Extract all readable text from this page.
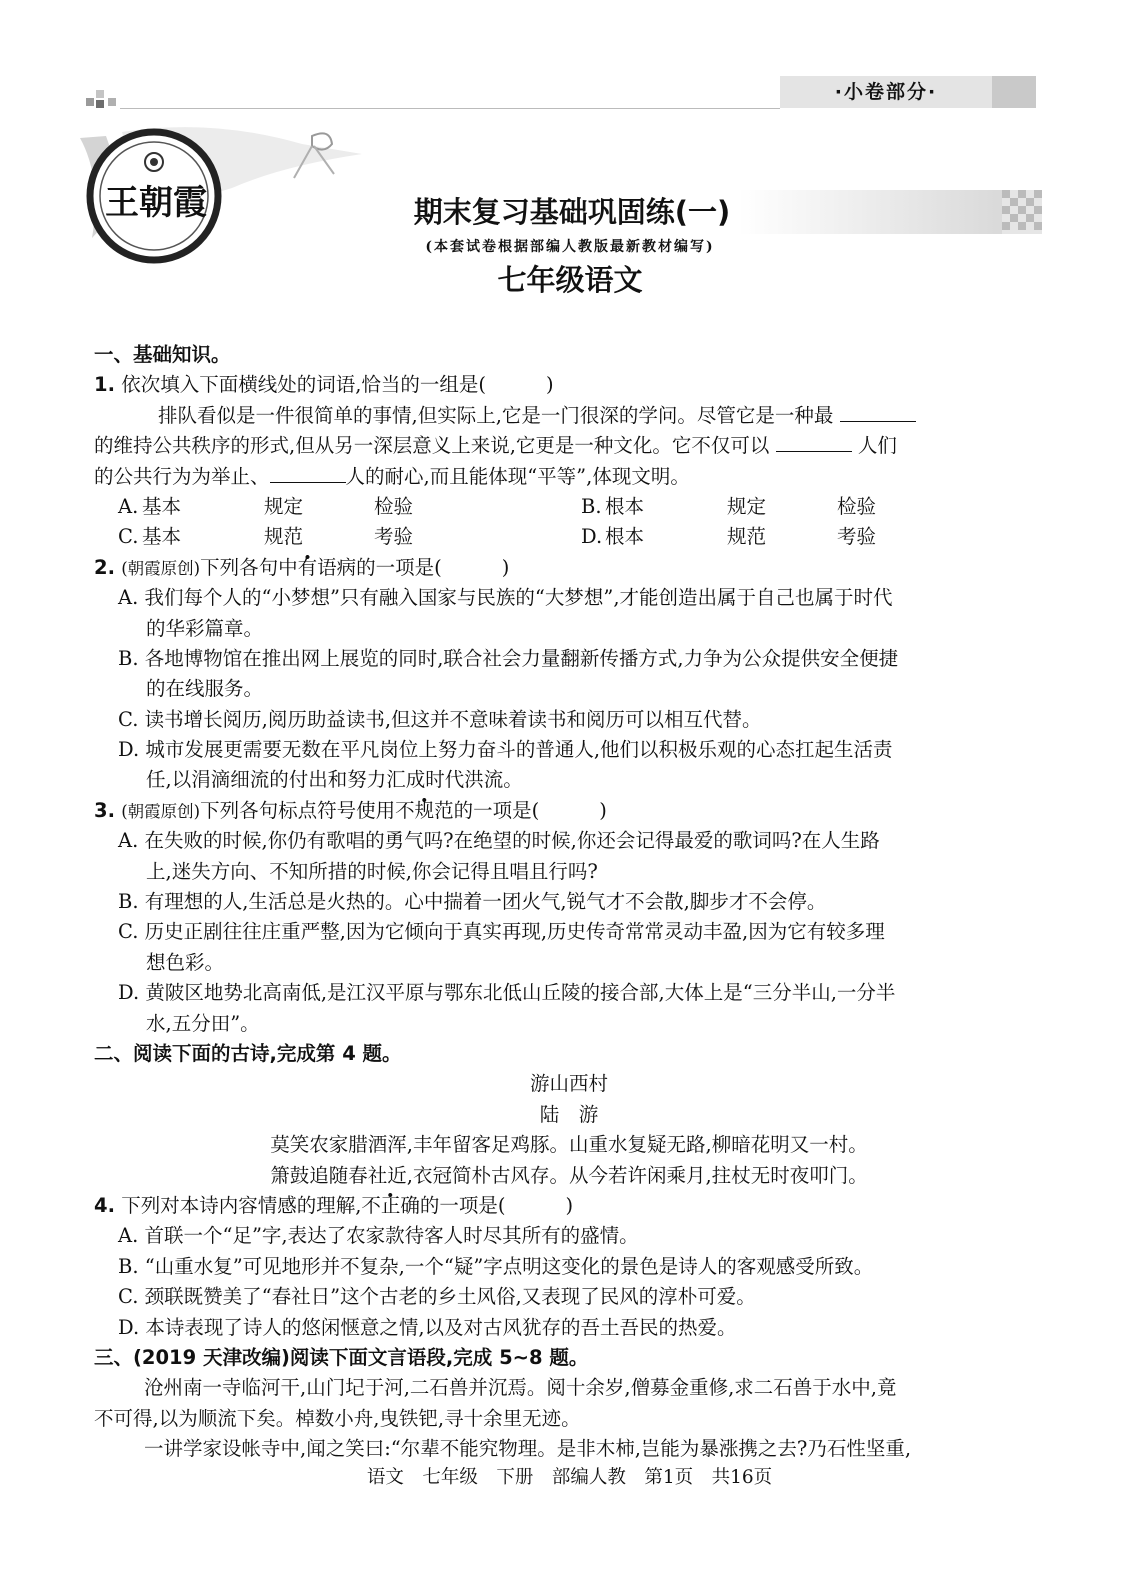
·小卷部分·
王朝霞	期末复习基础巩固练(一)
(本套试卷根据部编人教版最新教材编写)
七年级语文
一、基础知识。
1. 依次填入下面横线处的词语,恰当的一组是(	)
排队看似是一件很简单的事情,但实际上,它是一门很深的学问。尽管它是一种最
的维持公共秩序的形式,但从另一深层意义上来说,它更是一种文化。它不仅可以	人们
的公共行为为举止、	人的耐心,而且能体现“平等”,体现文明。
A. 基本	规定	检验	B. 根本	规定	检验
C. 基本	规范	考验	D. 根本	规范	考验
2. (朝霞原创)下列各句中有语病的一项是(	)
A. 我们每个人的“小梦想”只有融入国家与民族的“大梦想”,才能创造出属于自己也属于时代
的华彩篇章。
B. 各地博物馆在推出网上展览的同时,联合社会力量翻新传播方式,力争为公众提供安全便捷
的在线服务。
C. 读书增长阅历,阅历助益读书,但这并不意味着读书和阅历可以相互代替。
D. 城市发展更需要无数在平凡岗位上努力奋斗的普通人,他们以积极乐观的心态扛起生活责
任,以涓滴细流的付出和努力汇成时代洪流。
3. (朝霞原创)下列各句标点符号使用不规范的一项是(	)
A. 在失败的时候,你仍有歌唱的勇气吗?在绝望的时候,你还会记得最爱的歌词吗?在人生路
上,迷失方向、不知所措的时候,你会记得且唱且行吗?
B. 有理想的人,生活总是火热的。心中揣着一团火气,锐气才不会散,脚步才不会停。
C. 历史正剧往往庄重严整,因为它倾向于真实再现,历史传奇常常灵动丰盈,因为它有较多理
想色彩。
D. 黄陂区地势北高南低,是江汉平原与鄂东北低山丘陵的接合部,大体上是“三分半山,一分半
水,五分田”。
二、阅读下面的古诗,完成第 4 题。
游山西村
陆　游
莫笑农家腊酒浑,丰年留客足鸡豚。山重水复疑无路,柳暗花明又一村。
箫鼓追随春社近,衣冠简朴古风存。从今若许闲乘月,拄杖无时夜叩门。
4. 下列对本诗内容情感的理解,不正确的一项是(	)
A. 首联一个“足”字,表达了农家款待客人时尽其所有的盛情。
B. “山重水复”可见地形并不复杂,一个“疑”字点明这变化的景色是诗人的客观感受所致。
C. 颈联既赞美了“春社日”这个古老的乡土风俗,又表现了民风的淳朴可爱。
D. 本诗表现了诗人的悠闲惬意之情,以及对古风犹存的吾土吾民的热爱。
三、(2019 天津改编)阅读下面文言语段,完成 5~8 题。
沧州南一寺临河干,山门圮于河,二石兽并沉焉。阅十余岁,僧募金重修,求二石兽于水中,竟
不可得,以为顺流下矣。棹数小舟,曳铁钯,寻十余里无迹。
一讲学家设帐寺中,闻之笑曰:“尔辈不能究物理。是非木柿,岂能为暴涨携之去?乃石性坚重,
语文　七年级　下册　部编人教　第1页　共16页
